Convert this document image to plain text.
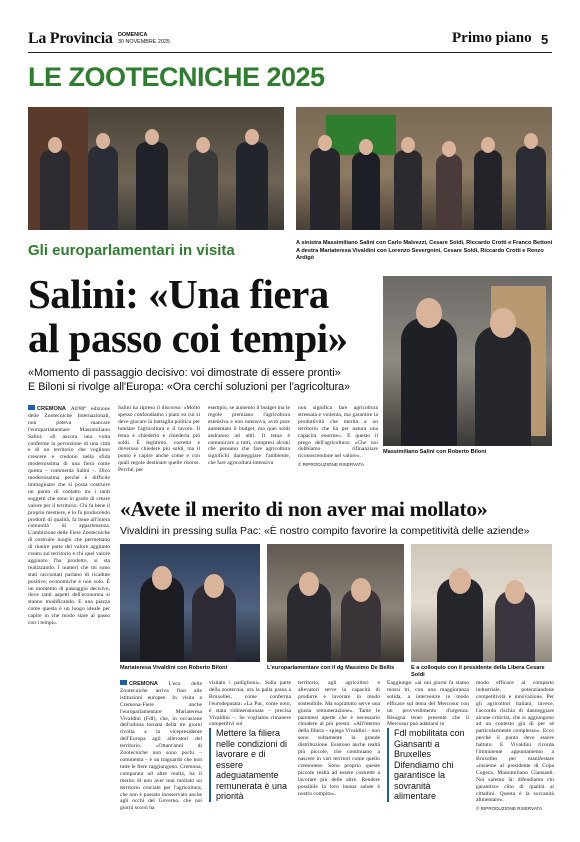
La Provincia DOMENICA
30 NOVEMBRE 2025	Primo piano 5
LE ZOOTECNICHE 2025
Gli europarlamentari in visita	A sinistra Massimiliano Salini con Carlo Malvezzi, Cesare Soldi, Riccardo Crotti e Franco Bettoni
A destra Mariateresa Vivaldini con Lorenzo Severgnini, Cesare Soldi, Riccardo Crotti e Renzo Ardigò
Salini: «Una fiera
al passo coi tempi»
«Momento di passaggio decisivo: voi dimostrate di essere pronti»
E Biloni si rivolge all'Europa: «Ora cerchi soluzioni per l'agricoltura»
Massimiliano Salini con Roberto Biloni
CREMONA All'80ª edizione delle Zootecniche Internazionali, non poteva mancare l'europarlamentare Massimiliano Salini: «Il ancora una volta conferme la percezione di una città e di un territorio che vogliono crescere e credono nella sfida modernissima di una fiera come questa – commenta Salini –. Dico modernissima perché è difficile immaginare che si possa costruire un punto di contatto tra i tanti soggetti che sono in grado di creare valore per il territorio. Chi fa bene il proprio mestiere, e lo fa producendo prodotti di qualità, fa bene all'intera comunità di appartenenza. L'ambizione delle Fiere Zootecniche di costruire luoghi che permettano di riunire parte del valore aggiunto creato sul territorio e chi quel valore aggiunto l'ha prodotto, si sta realizzando. I numeri che mi sono stati raccontati parlano di ricadute positive, economiche e non solo. È un momento di passaggio decisivo, dove tanti aspetti dell'economia si stanno modificando. E una piazza come questa è un luogo ideale per capire in che modo stare al passo con i tempi».
Salini ha ripreso il discorso: «Molto spesso confondiamo i piani su cui si deve giocare la battaglia politica per tutelare l'agricoltura e il lavoro. Il tema è chiederlo e chiederla più soldi. È legittimo, corretto e doveroso chiedere più soldi, ma il punto è capire anche come e con quali regole destinare quelle risorse. Perché, per
esempio, se aumento il budget ma le regole premiano l'agricoltura estensiva e non intensiva, avrò pure aumentato il budget, ma quei soldi andranno ad altri. Il tema è comunicare a tutti, compresi alcuni che pensano che fare agricoltura significhi danneggiare l'ambiente, che fare agricoltura intensiva
non significa fare agricoltura stressata e violenta, ma garantire la produttività che merita a un territorio che ha per natura una capacità enorme». E questo il prego dell'agricoltura: «Che noi dobbiamo rifinanziare riconoscendone nel valore».
© RIPRODUZIONE RISERVATA
«Avete il merito di non aver mai mollato»
Vivaldini in pressing sulla Pac: «È nostro compito favorire la competitività delle aziende»
Mariateresa Vivaldini con Roberto Biloni	L'europarlamentare con il dg Massimo De Bellis	E a colloquio con il presidente della Libera Cesare Soldi
CREMONA L'eco delle Zootecniche arriva fino alle istituzioni europee. In visita a Cremona-Fiere anche l'europarlamentare Mariateresa Vivaldini (FdI), che, in occasione dell'ultima tornata della tre giorni rivolta a la vicepresidente dell'Europa agli allevatori del territorio. «Ottant'anni di Zootecniche non sono pochi – commenta – è un traguardo che non tutte le fiere raggiungono. Cremona, comparata ad altre realtà, ha il merito di non aver mai mollato un territorio cruciale per l'agricoltura, che non è passato inosservato anche agli occhi del Governo, che noi giorni scorsi ha
visitato i padiglioni». Sulla parte della zootecnia, ora la palla passa a Bruxelles, come conferma l'eurodeputata: «La Pac, come noto, è stata ridimensionata – precisa Vivaldini –. Se vogliamo rimanere competitivi sul
Mettere la filiera nelle condizioni di lavorare e di essere adeguatamente remunerata è una priorità
territorio, agli agricoltori e allevatori serve la capacità di produrre e lavorare in modo sostenibile. Ma sopratutto serve una giusta remunerazione». Tante le parentesi aperte che è necessario chiudere al più presto: «All'interno della filiera – spiega Vivaldini – non sono soltamente la grande distribuzione. Esistono anche realtà più piccole, che continuano a nascere in vari territori come quello cremonese. Sono proprio queste piccole realtà ad essere costrette a lavorare più delle altre. Rendere possibile la loro buona salute è nostro compito».
Eaggiunge: «ai uni giorni fa siamo mossi tri, con una maggioranza solida, a intervenire in modo efficace sul tema del Mercosur con un provvedimento d'urgenza. Bisogna tener presente che il Mercosur può adattarsi in
Fdl mobilitata con Giansanti a Bruxelles Difendiamo chi garantisce la sovranità alimentare
modo efficace al comparto industriale, potenziandone competitività e innovazione. Per gli agricoltori italiani, invece, l'accordo rischia di danneggiare alcune criticità, che si aggiungono ad un contesto già di per sé particolarmente complesso». Ecco perché il punto deve essere battuto. E Vivaldini ricorda l'imminente appuntamento a Bruxelles per manifestare «insieme al presidente di Copa Cogeca, Massimiliano Giansanti. Noi saremo là: difendiamo chi garantisce cibo di qualità ai cittadini. Questa è la sovranità alimentare».
© RIPRODUZIONE RISERVATA
